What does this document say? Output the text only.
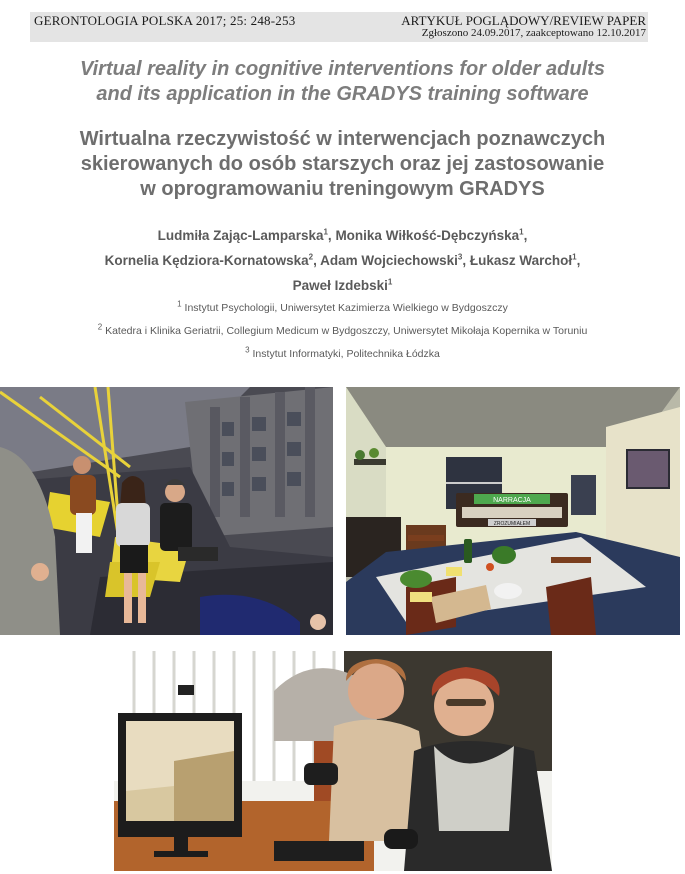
GERONTOLOGIA POLSKA 2017; 25: 248-253	ARTYKUŁ POGLĄDOWY/REVIEW PAPER
Zgłoszono 24.09.2017, zaakceptowano 12.10.2017
Virtual reality in cognitive interventions for older adults
and its application in the GRADYS training software
Wirtualna rzeczywistość w interwencjach poznawczych
skierowanych do osób starszych oraz jej zastosowanie
w oprogramowaniu treningowym GRADYS
Ludmiła Zając-Lamparska$^1$, Monika Wiłkość-Dębczyńska$^1$,
Kornelia Kędziora-Kornatowska$^2$, Adam Wojciechowski$^3$, Łukasz Warchoł$^1$,
Paweł Izdebski$^1$
$^1$ Instytut Psychologii, Uniwersytet Kazimierza Wielkiego w Bydgoszczy
$^2$ Katedra i Klinika Geriatrii, Collegium Medicum w Bydgoszczy, Uniwersytet Mikołaja Kopernika w Toruniu
$^3$ Instytut Informatyki, Politechnika Łódzka
NARRACJA
ZROZUMIAŁEM
